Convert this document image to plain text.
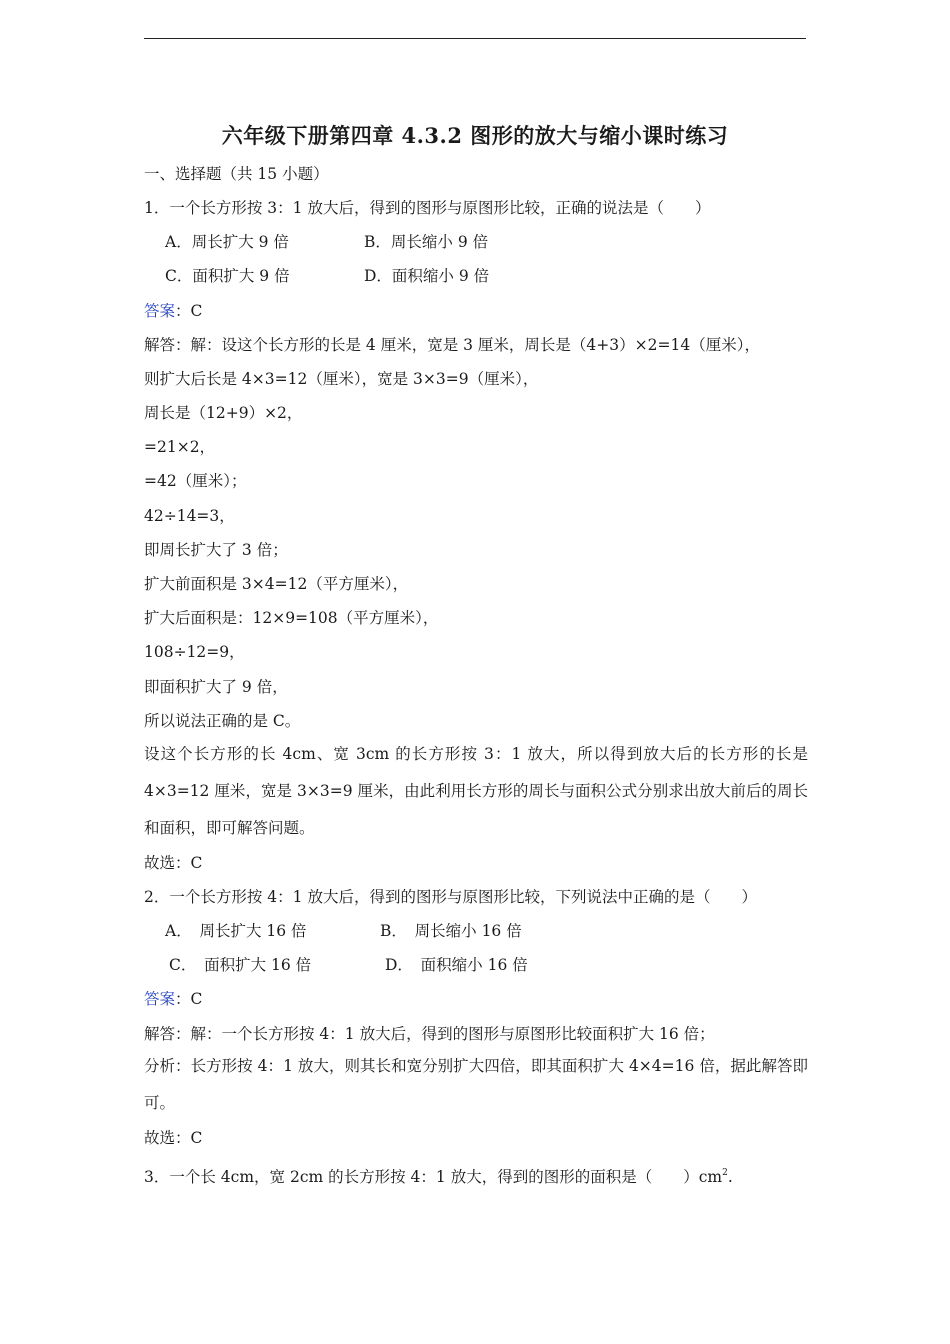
六年级下册第四章 4.3.2 图形的放大与缩小课时练习
一、选择题（共 15 小题）
1．一个长方形按 3：1 放大后，得到的图形与原图形比较，正确的说法是（　　）
A．周长扩大 9 倍	B．周长缩小 9 倍
C．面积扩大 9 倍	D．面积缩小 9 倍
答案：C
解答：解：设这个长方形的长是 4 厘米，宽是 3 厘米，周长是（4+3）×2=14（厘米），
则扩大后长是 4×3=12（厘米），宽是 3×3=9（厘米），
周长是（12+9）×2，
=21×2，
=42（厘米）；
42÷14=3，
即周长扩大了 3 倍；
扩大前面积是 3×4=12（平方厘米），
扩大后面积是：12×9=108（平方厘米），
108÷12=9，
即面积扩大了 9 倍，
所以说法正确的是 C。
设这个长方形的长 4cm、宽 3cm 的长方形按 3：1 放大，所以得到放大后的长方形的长是 4×3=12 厘米，宽是 3×3=9 厘米，由此利用长方形的周长与面积公式分别求出放大前后的周长和面积，即可解答问题。
故选：C
2．一个长方形按 4：1 放大后，得到的图形与原图形比较，下列说法中正确的是（　　）
A．　周长扩大 16 倍	B．　周长缩小 16 倍
C．　面积扩大 16 倍	D．　面积缩小 16 倍
答案：C
解答：解：一个长方形按 4：1 放大后，得到的图形与原图形比较面积扩大 16 倍；
分析：长方形按 4：1 放大，则其长和宽分别扩大四倍，即其面积扩大 4×4=16 倍，据此解答即可。
故选：C
3．一个长 4cm，宽 2cm 的长方形按 4：1 放大，得到的图形的面积是（　　）$cm^2$.
